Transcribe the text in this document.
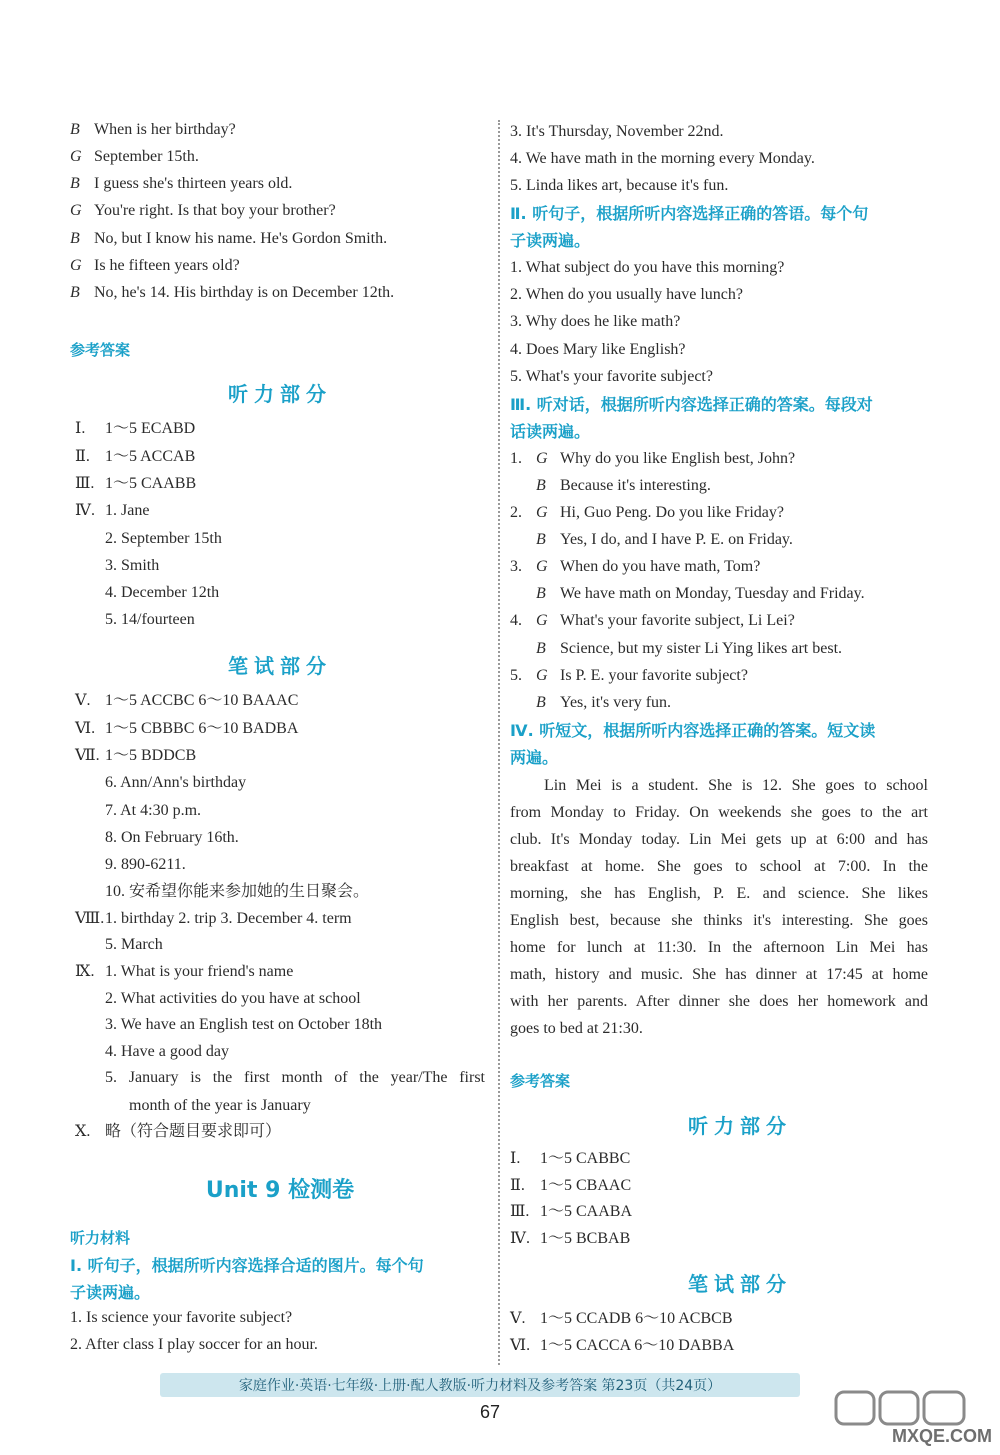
B When is her birthday?
G September 15th.
B I guess she's thirteen years old.
G You're right. Is that boy your brother?
B No, but I know his name. He's Gordon Smith.
G Is he fifteen years old?
B No, he's 14. His birthday is on December 12th.
参考答案
听力部分
Ⅰ. 1～5 ECABD
Ⅱ. 1～5 ACCAB
Ⅲ. 1～5 CAABB
Ⅳ. 1. Jane
2. September 15th
3. Smith
4. December 12th
5. 14/fourteen
笔试部分
Ⅴ. 1～5 ACCBC 6～10 BAAAC
Ⅵ. 1～5 CBBBC 6～10 BADBA
Ⅶ. 1～5 BDDCB
6. Ann/Ann's birthday
7. At 4:30 p.m.
8. On February 16th.
9. 890-6211.
10. 安希望你能来参加她的生日聚会。
Ⅷ.1. birthday 2. trip 3. December 4. term
5. March
Ⅸ. 1. What is your friend's name
2. What activities do you have at school
3. We have an English test on October 18th
4. Have a good day
5. January is the first month of the year/The first
month of the year is January
Ⅹ. 略（符合题目要求即可）
Unit 9 检测卷
听力材料
Ⅰ. 听句子，根据所听内容选择合适的图片。每个句
子读两遍。
1. Is science your favorite subject?
2. After class I play soccer for an hour.
3. It's Thursday, November 22nd.
4. We have math in the morning every Monday.
5. Linda likes art, because it's fun.
Ⅱ. 听句子，根据所听内容选择正确的答语。每个句
子读两遍。
1. What subject do you have this morning?
2. When do you usually have lunch?
3. Why does he like math?
4. Does Mary like English?
5. What's your favorite subject?
Ⅲ. 听对话，根据所听内容选择正确的答案。每段对
话读两遍。
1. G Why do you like English best, John?
B Because it's interesting.
2. G Hi, Guo Peng. Do you like Friday?
B Yes, I do, and I have P. E. on Friday.
3. G When do you have math, Tom?
B We have math on Monday, Tuesday and Friday.
4. G What's your favorite subject, Li Lei?
B Science, but my sister Li Ying likes art best.
5. G Is P. E. your favorite subject?
B Yes, it's very fun.
Ⅳ. 听短文，根据所听内容选择正确的答案。短文读
两遍。
参考答案
听力部分
Ⅰ. 1～5 CABBC
Ⅱ. 1～5 CBAAC
Ⅲ. 1～5 CAABA
Ⅳ. 1～5 BCBAB
笔试部分
Ⅴ. 1～5 CCADB 6～10 ACBCB
Ⅵ. 1～5 CACCA 6～10 DABBA
Lin Mei is a student. She is 12. She goes to school
from Monday to Friday. On weekends she goes to the art
club. It's Monday today. Lin Mei gets up at 6:00 and has
breakfast at home. She goes to school at 7:00. In the
morning, she has English, P. E. and science. She likes
English best, because she thinks it's interesting. She goes
home for lunch at 11:30. In the afternoon Lin Mei has
math, history and music. She has dinner at 17:45 at home
with her parents. After dinner she does her homework and
goes to bed at 21:30.
家庭作业·英语·七年级·上册·配人教版·听力材料及参考答案 第23页（共24页）
67
MXQE.COM
